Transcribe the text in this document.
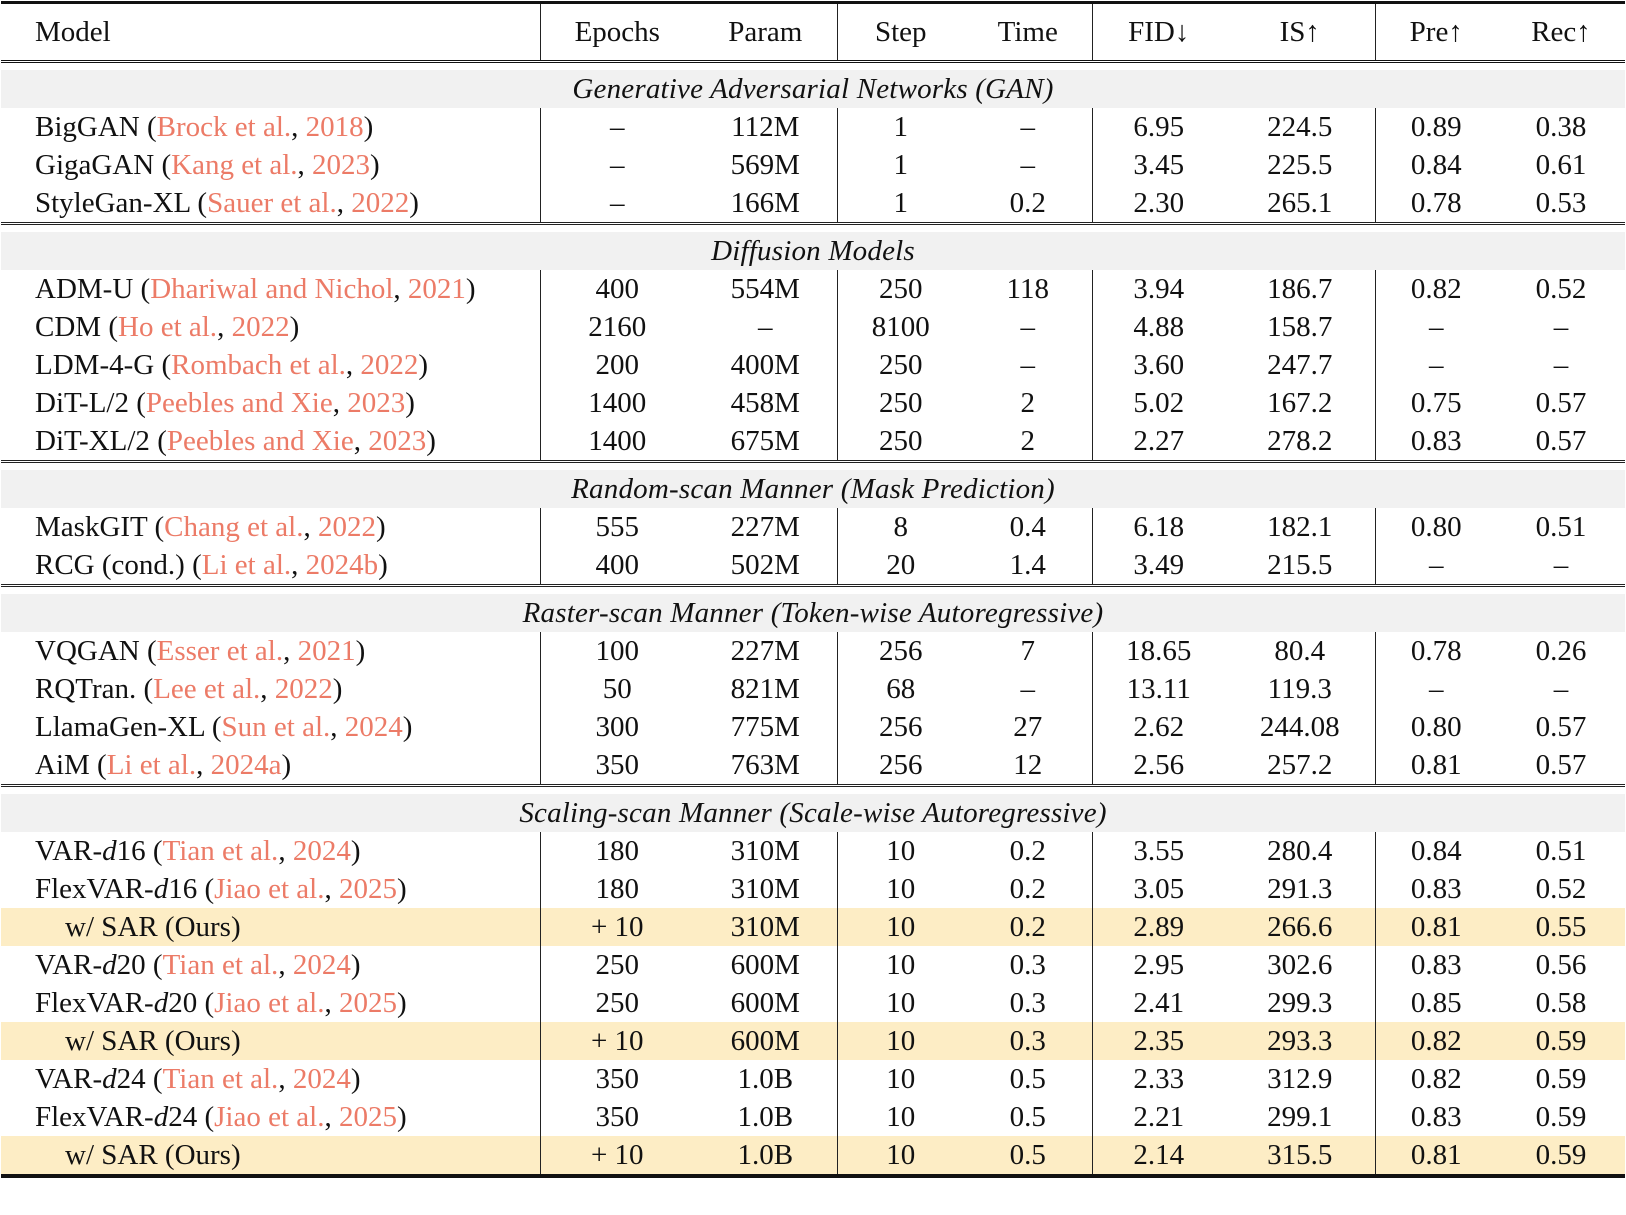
Model	Epochs	Param	Step	Time	FID↓	IS↑	Pre↑	Rec↑

Generative Adversarial Networks (GAN)								
BigGAN (Brock et al., 2018)	–	112M	1	–	6.95	224.5	0.89	0.38
GigaGAN (Kang et al., 2023)	–	569M	1	–	3.45	225.5	0.84	0.61
StyleGan-XL (Sauer et al., 2022)	–	166M	1	0.2	2.30	265.1	0.78	0.53

Diffusion Models								
ADM-U (Dhariwal and Nichol, 2021)	400	554M	250	118	3.94	186.7	0.82	0.52
CDM (Ho et al., 2022)	2160	–	8100	–	4.88	158.7	–	–
LDM-4-G (Rombach et al., 2022)	200	400M	250	–	3.60	247.7	–	–
DiT-L/2 (Peebles and Xie, 2023)	1400	458M	250	2	5.02	167.2	0.75	0.57
DiT-XL/2 (Peebles and Xie, 2023)	1400	675M	250	2	2.27	278.2	0.83	0.57

Random-scan Manner (Mask Prediction)								
MaskGIT (Chang et al., 2022)	555	227M	8	0.4	6.18	182.1	0.80	0.51
RCG (cond.) (Li et al., 2024b)	400	502M	20	1.4	3.49	215.5	–	–

Raster-scan Manner (Token-wise Autoregressive)								
VQGAN (Esser et al., 2021)	100	227M	256	7	18.65	80.4	0.78	0.26
RQTran. (Lee et al., 2022)	50	821M	68	–	13.11	119.3	–	–
LlamaGen-XL (Sun et al., 2024)	300	775M	256	27	2.62	244.08	0.80	0.57
AiM (Li et al., 2024a)	350	763M	256	12	2.56	257.2	0.81	0.57

Scaling-scan Manner (Scale-wise Autoregressive)								
VAR-d16 (Tian et al., 2024)	180	310M	10	0.2	3.55	280.4	0.84	0.51
FlexVAR-d16 (Jiao et al., 2025)	180	310M	10	0.2	3.05	291.3	0.83	0.52
w/ SAR (Ours)	+ 10	310M	10	0.2	2.89	266.6	0.81	0.55
VAR-d20 (Tian et al., 2024)	250	600M	10	0.3	2.95	302.6	0.83	0.56
FlexVAR-d20 (Jiao et al., 2025)	250	600M	10	0.3	2.41	299.3	0.85	0.58
w/ SAR (Ours)	+ 10	600M	10	0.3	2.35	293.3	0.82	0.59
VAR-d24 (Tian et al., 2024)	350	1.0B	10	0.5	2.33	312.9	0.82	0.59
FlexVAR-d24 (Jiao et al., 2025)	350	1.0B	10	0.5	2.21	299.1	0.83	0.59
w/ SAR (Ours)	+ 10	1.0B	10	0.5	2.14	315.5	0.81	0.59
